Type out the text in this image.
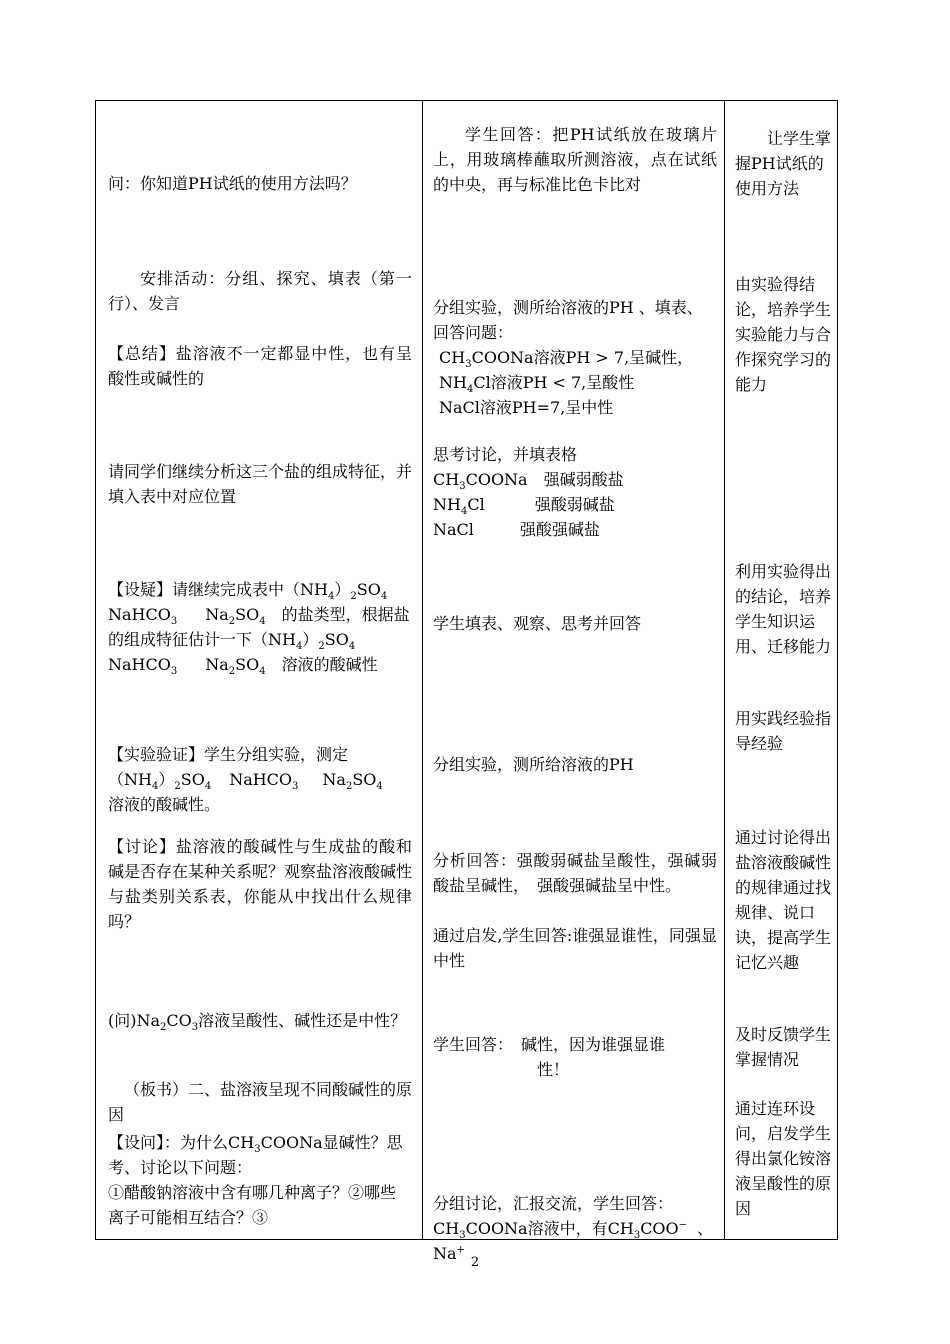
问：你知道PH试纸的使用方法吗？

安排活动：分组、探究、填表（第一行）、发言

【总结】盐溶液不一定都显中性，也有呈酸性或碱性的

请同学们继续分析这三个盐的组成特征，并填入表中对应位置

【设疑】请继续完成表中$(NH_4)_2SO_4$
NaHCO$_3$ $Na_2SO_4$ 的盐类型，根据盐的组成特征估计一下$(NH_4)_2SO_4$
NaHCO$_3$ $Na_2SO_4$ 溶液的酸碱性

【实验验证】学生分组实验，测定
$(NH_4)_2SO_4$ NaHCO$_3$ $Na_2SO_4$溶液的酸碱性。

【讨论】盐溶液的酸碱性与生成盐的酸和碱是否存在某种关系呢？观察盐溶液酸碱性与盐类别关系表，你能从中找出什么规律吗？

(问)$Na_2CO_3$溶液呈酸性、碱性还是中性？

（板书）二、盐溶液呈现不同酸碱性的原因

【设问】：为什么$CH_3COONa$显碱性？思考、讨论以下问题：
①醋酸钠溶液中含有哪几种离子？②哪些离子可能相互结合？③

学生回答：把PH试纸放在玻璃片上，用玻璃棒蘸取所测溶液，点在试纸的中央，再与标准比色卡比对

分组实验，测所给溶液的PH 、填表、回答问题：

$CH_3COONa$溶液PH > 7,呈碱性，

$NH_4Cl$溶液PH < 7,呈酸性

NaCl溶液PH=7,呈中性

思考讨论，并填表格

$CH_3COONa$ 强碱弱酸盐

$NH_4Cl$	强酸弱碱盐

NaCl	强酸强碱盐

学生填表、观察、思考并回答

分组实验，测所给溶液的PH

分析回答：强酸弱碱盐呈酸性，强碱弱酸盐呈碱性，　强酸强碱盐呈中性。

通过启发,学生回答:谁强显谁性，同强显中性

学生回答：　碱性，因为谁强显谁
性！

分组讨论，汇报交流，学生回答：

$CH_3COONa$溶液中，有$CH_3COO^-$ 、Na+

让学生掌握PH试纸的使用方法

由实验得结论，培养学生实验能力与合作探究学习的能力

利用实验得出的结论，培养学生知识运用、迁移能力

用实践经验指导经验

通过讨论得出盐溶液酸碱性的规律通过找规律、说口诀，提高学生记忆兴趣

及时反馈学生掌握情况

通过连环设问，启发学生得出氯化铵溶液呈酸性的原因

2
